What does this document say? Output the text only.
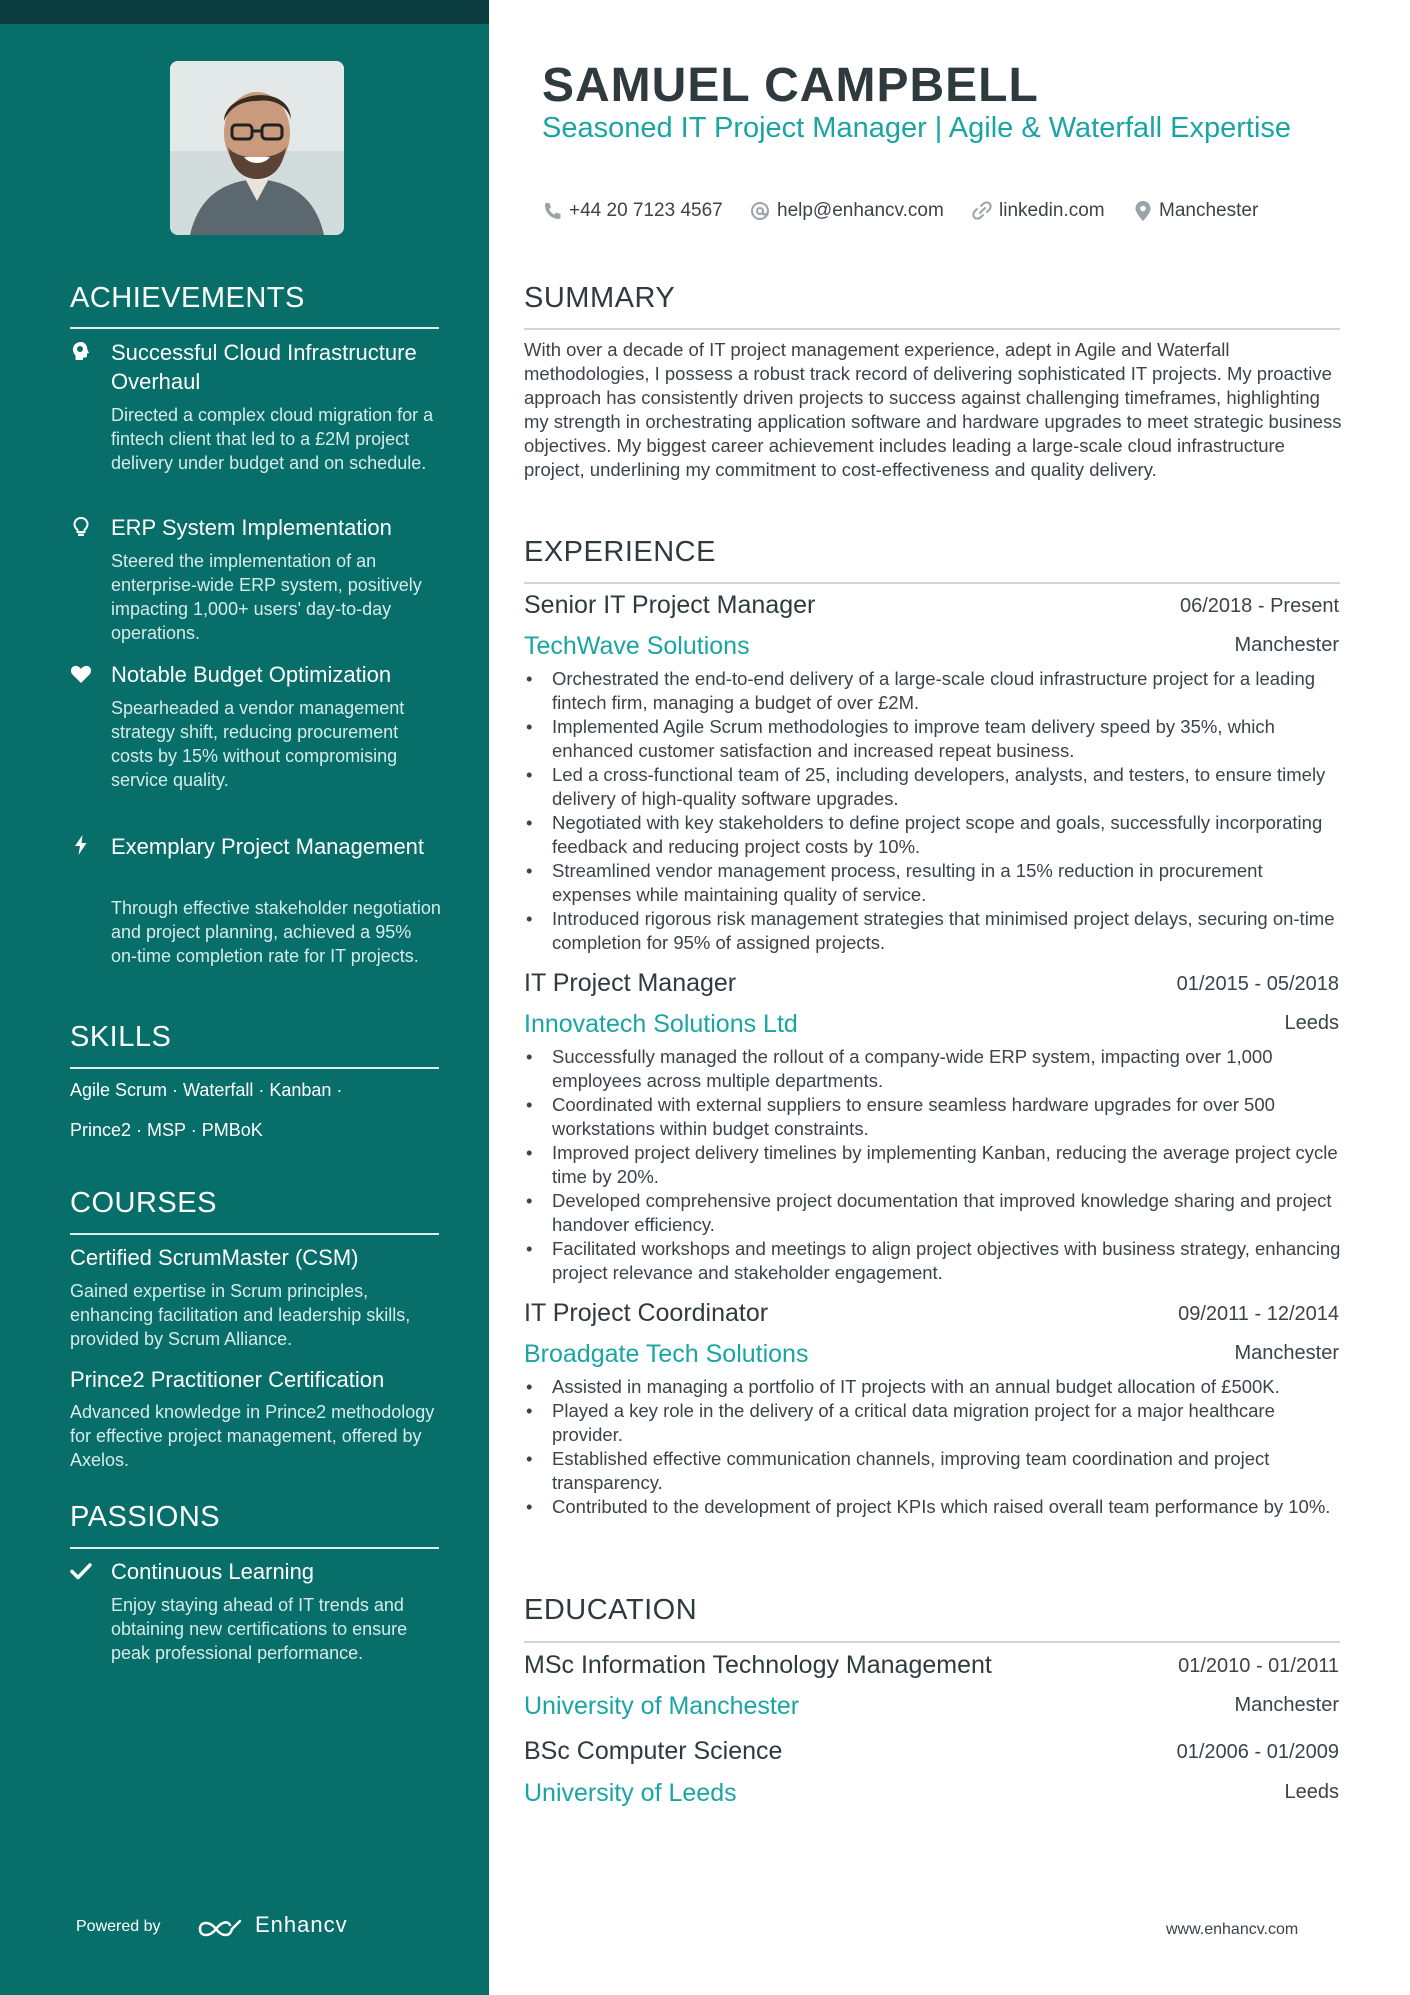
ACHIEVEMENTS
Successful Cloud Infrastructure Overhaul
Directed a complex cloud migration for a fintech client that led to a £2M project delivery under budget and on schedule.
ERP System Implementation
Steered the implementation of an enterprise-wide ERP system, positively impacting 1,000+ users' day-to-day operations.
Notable Budget Optimization
Spearheaded a vendor management strategy shift, reducing procurement costs by 15% without compromising service quality.
Exemplary Project Management
Through effective stakeholder negotiation and project planning, achieved a 95% on-time completion rate for IT projects.
SKILLS
Agile Scrum · Waterfall · Kanban ·
Prince2 · MSP · PMBoK
COURSES
Certified ScrumMaster (CSM)
Gained expertise in Scrum principles, enhancing facilitation and leadership skills, provided by Scrum Alliance.
Prince2 Practitioner Certification
Advanced knowledge in Prince2 methodology for effective project management, offered by Axelos.
PASSIONS
Continuous Learning
Enjoy staying ahead of IT trends and obtaining new certifications to ensure peak professional performance.
Powered by	Enhancv
SAMUEL CAMPBELL
Seasoned IT Project Manager | Agile & Waterfall Expertise
+44 20 7123 4567	help@enhancv.com	linkedin.com	Manchester
SUMMARY
With over a decade of IT project management experience, adept in Agile and Waterfall methodologies, I possess a robust track record of delivering sophisticated IT projects. My proactive approach has consistently driven projects to success against challenging timeframes, highlighting my strength in orchestrating application software and hardware upgrades to meet strategic business objectives. My biggest career achievement includes leading a large-scale cloud infrastructure project, underlining my commitment to cost-effectiveness and quality delivery.
EXPERIENCE
Senior IT Project Manager	06/2018 - Present
TechWave Solutions	Manchester
• Orchestrated the end-to-end delivery of a large-scale cloud infrastructure project for a leading fintech firm, managing a budget of over £2M.
• Implemented Agile Scrum methodologies to improve team delivery speed by 35%, which enhanced customer satisfaction and increased repeat business.
• Led a cross-functional team of 25, including developers, analysts, and testers, to ensure timely delivery of high-quality software upgrades.
• Negotiated with key stakeholders to define project scope and goals, successfully incorporating feedback and reducing project costs by 10%.
• Streamlined vendor management process, resulting in a 15% reduction in procurement expenses while maintaining quality of service.
• Introduced rigorous risk management strategies that minimised project delays, securing on-time completion for 95% of assigned projects.
IT Project Manager	01/2015 - 05/2018
Innovatech Solutions Ltd	Leeds
• Successfully managed the rollout of a company-wide ERP system, impacting over 1,000 employees across multiple departments.
• Coordinated with external suppliers to ensure seamless hardware upgrades for over 500 workstations within budget constraints.
• Improved project delivery timelines by implementing Kanban, reducing the average project cycle time by 20%.
• Developed comprehensive project documentation that improved knowledge sharing and project handover efficiency.
• Facilitated workshops and meetings to align project objectives with business strategy, enhancing project relevance and stakeholder engagement.
IT Project Coordinator	09/2011 - 12/2014
Broadgate Tech Solutions	Manchester
• Assisted in managing a portfolio of IT projects with an annual budget allocation of £500K.
• Played a key role in the delivery of a critical data migration project for a major healthcare provider.
• Established effective communication channels, improving team coordination and project transparency.
• Contributed to the development of project KPIs which raised overall team performance by 10%.
EDUCATION
MSc Information Technology Management	01/2010 - 01/2011
University of Manchester	Manchester
BSc Computer Science	01/2006 - 01/2009
University of Leeds	Leeds
www.enhancv.com
